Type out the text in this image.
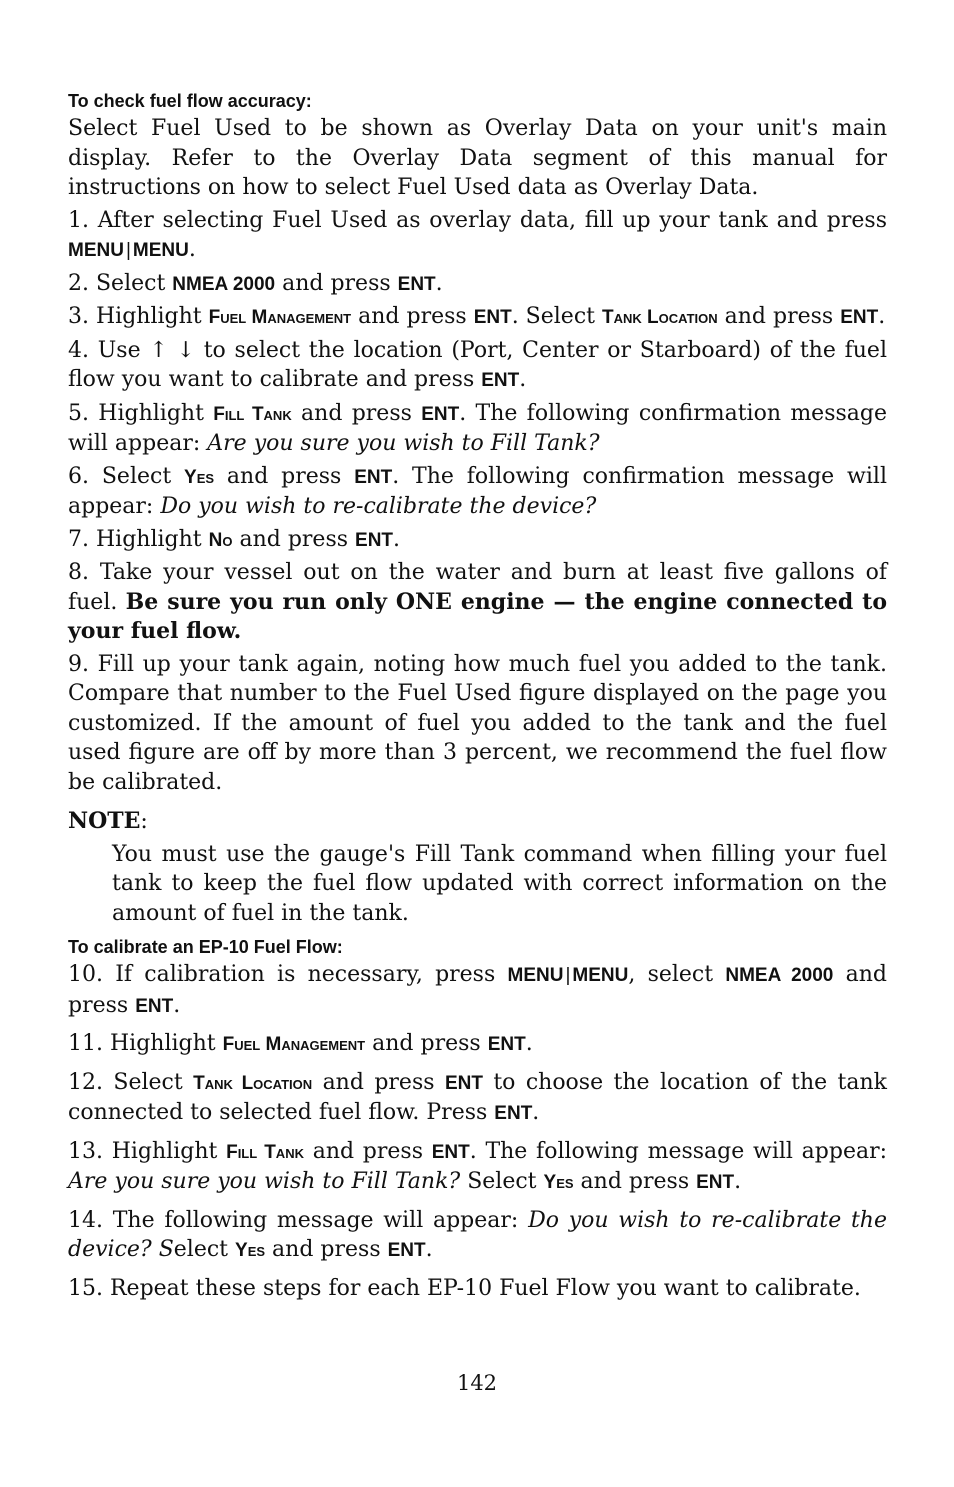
To check fuel flow accuracy:

Select Fuel Used to be shown as Overlay Data on your unit's main display. Refer to the Overlay Data segment of this manual for instructions on how to select Fuel Used data as Overlay Data.

1. After selecting Fuel Used as overlay data, fill up your tank and press MENU | MENU.

2. Select NMEA 2000 and press ENT.

3. Highlight Fuel Management and press ENT. Select Tank Location and press ENT.

4. Use ↑ ↓ to select the location (Port, Center or Starboard) of the fuel flow you want to calibrate and press ENT.

5. Highlight Fill Tank and press ENT. The following confirmation message will appear: Are you sure you wish to Fill Tank?

6. Select Yes and press ENT. The following confirmation message will appear: Do you wish to re-calibrate the device?

7. Highlight No and press ENT.

8. Take your vessel out on the water and burn at least five gallons of fuel. Be sure you run only ONE engine — the engine connected to your fuel flow.

9. Fill up your tank again, noting how much fuel you added to the tank. Compare that number to the Fuel Used figure displayed on the page you customized. If the amount of fuel you added to the tank and the fuel used figure are off by more than 3 percent, we recommend the fuel flow be calibrated.

NOTE:

You must use the gauge's Fill Tank command when filling your fuel tank to keep the fuel flow updated with correct information on the amount of fuel in the tank.

To calibrate an EP-10 Fuel Flow:

10. If calibration is necessary, press MENU | MENU, select NMEA 2000 and press ENT.

11. Highlight Fuel Management and press ENT.

12. Select Tank Location and press ENT to choose the location of the tank connected to selected fuel flow. Press ENT.

13. Highlight Fill Tank and press ENT. The following message will appear: Are you sure you wish to Fill Tank? Select Yes and press ENT.

14. The following message will appear: Do you wish to re-calibrate the device? Select Yes and press ENT.

15. Repeat these steps for each EP-10 Fuel Flow you want to calibrate.

142
